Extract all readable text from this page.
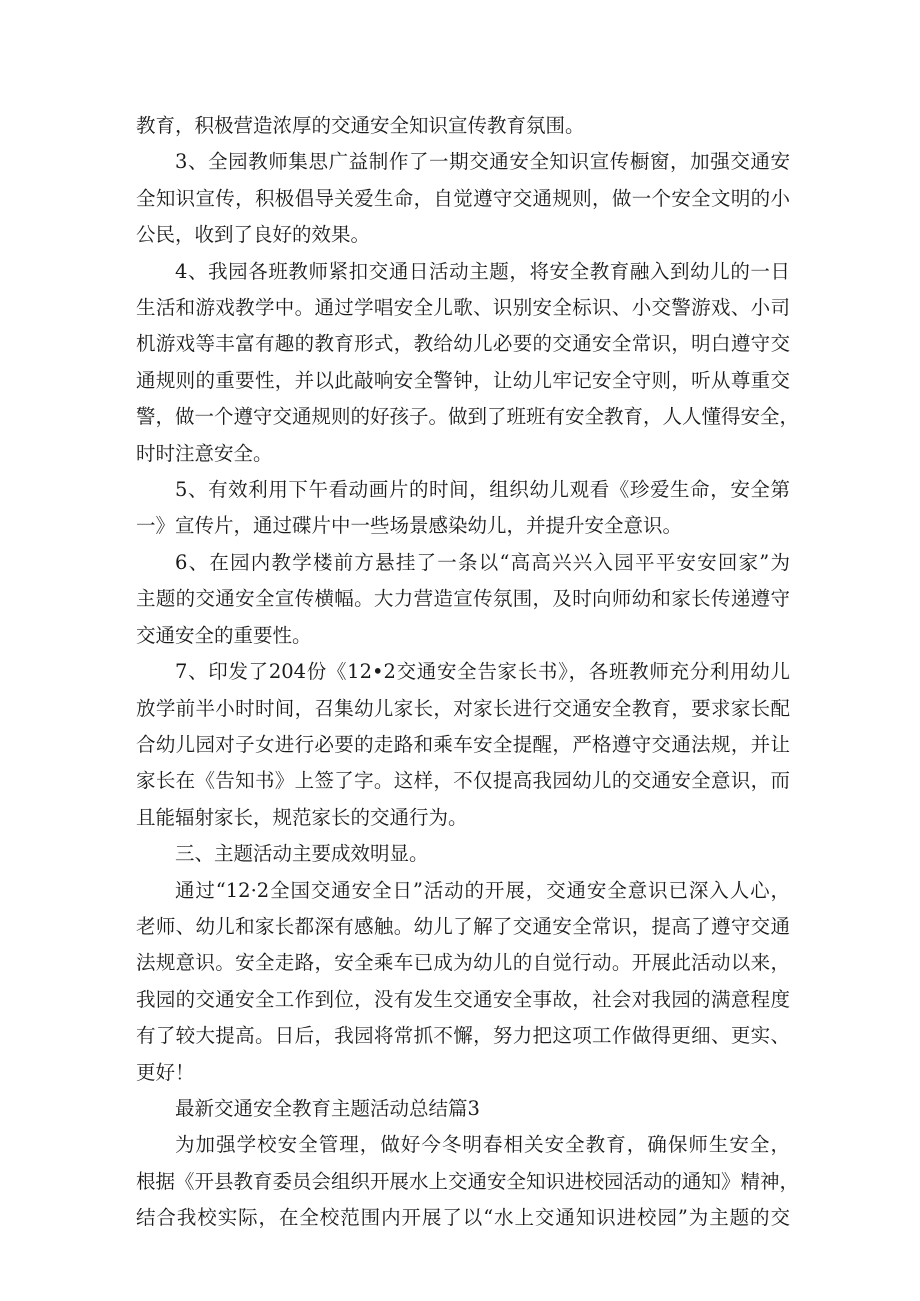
教育，积极营造浓厚的交通安全知识宣传教育氛围。

3、全园教师集思广益制作了一期交通安全知识宣传橱窗，加强交通安
全知识宣传，积极倡导关爱生命，自觉遵守交通规则，做一个安全文明的小
公民，收到了良好的效果。

4、我园各班教师紧扣交通日活动主题，将安全教育融入到幼儿的一日
生活和游戏教学中。通过学唱安全儿歌、识别安全标识、小交警游戏、小司
机游戏等丰富有趣的教育形式，教给幼儿必要的交通安全常识，明白遵守交
通规则的重要性，并以此敲响安全警钟，让幼儿牢记安全守则，听从尊重交
警，做一个遵守交通规则的好孩子。做到了班班有安全教育，人人懂得安全，
时时注意安全。

5、有效利用下午看动画片的时间，组织幼儿观看《珍爱生命，安全第
一》宣传片，通过碟片中一些场景感染幼儿，并提升安全意识。

6、在园内教学楼前方悬挂了一条以“高高兴兴入园平平安安回家”为
主题的交通安全宣传横幅。大力营造宣传氛围，及时向师幼和家长传递遵守
交通安全的重要性。

7、印发了204份《12•2交通安全告家长书》，各班教师充分利用幼儿
放学前半小时时间，召集幼儿家长，对家长进行交通安全教育，要求家长配
合幼儿园对子女进行必要的走路和乘车安全提醒，严格遵守交通法规，并让
家长在《告知书》上签了字。这样，不仅提高我园幼儿的交通安全意识，而
且能辐射家长，规范家长的交通行为。

三、主题活动主要成效明显。

通过“12·2全国交通安全日”活动的开展，交通安全意识已深入人心，
老师、幼儿和家长都深有感触。幼儿了解了交通安全常识，提高了遵守交通
法规意识。安全走路，安全乘车已成为幼儿的自觉行动。开展此活动以来，
我园的交通安全工作到位，没有发生交通安全事故，社会对我园的满意程度
有了较大提高。日后，我园将常抓不懈，努力把这项工作做得更细、更实、
更好！

最新交通安全教育主题活动总结篇3

为加强学校安全管理，做好今冬明春相关安全教育，确保师生安全，
根据《开县教育委员会组织开展水上交通安全知识进校园活动的通知》精神，
结合我校实际，在全校范围内开展了以“水上交通知识进校园”为主题的交
